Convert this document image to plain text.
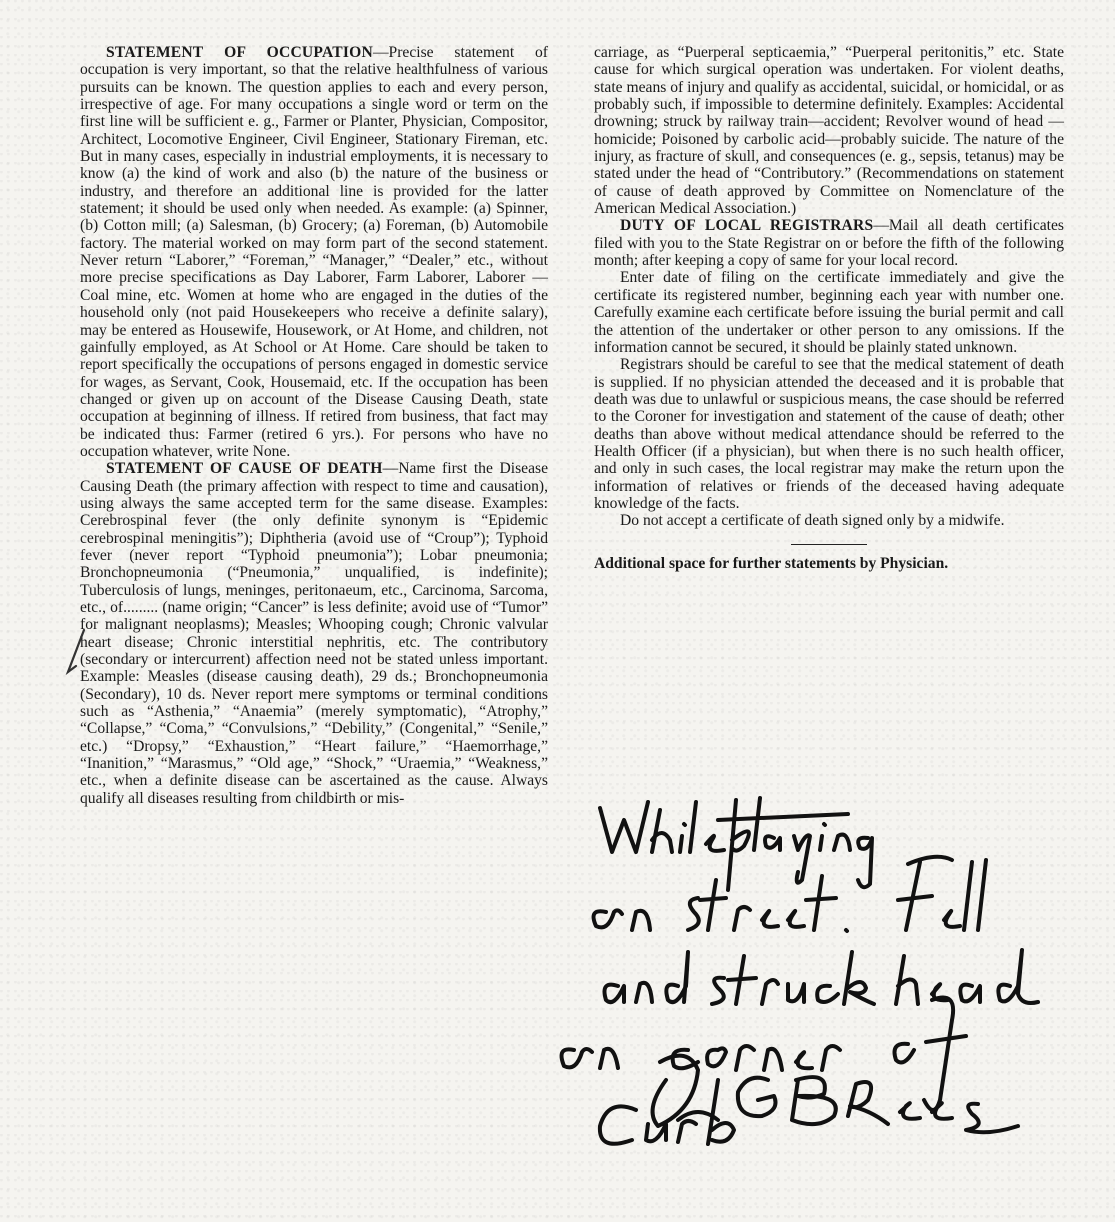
STATEMENT OF OCCUPATION—Precise statement of occupation is very important, so that the relative healthfulness of various pursuits can be known. The question applies to each and every person, irrespective of age. For many occupations a single word or term on the first line will be sufficient e. g., Farmer or Planter, Physician, Compositor, Architect, Locomotive Engineer, Civil Engineer, Stationary Fireman, etc. But in many cases, especially in industrial employments, it is necessary to know (a) the kind of work and also (b) the nature of the business or industry, and therefore an additional line is provided for the latter statement; it should be used only when needed. As example: (a) Spinner, (b) Cotton mill; (a) Salesman, (b) Grocery; (a) Foreman, (b) Automobile factory. The material worked on may form part of the second statement. Never return “Laborer,” “Foreman,” “Manager,” “Dealer,” etc., without more precise specifications as Day Laborer, Farm Laborer, Laborer — Coal mine, etc. Women at home who are engaged in the duties of the household only (not paid Housekeepers who receive a definite salary), may be entered as Housewife, Housework, or At Home, and children, not gainfully employed, as At School or At Home. Care should be taken to report specifically the occupations of persons engaged in domestic service for wages, as Servant, Cook, Housemaid, etc. If the occupation has been changed or given up on account of the Disease Causing Death, state occupation at beginning of illness. If retired from business, that fact may be indicated thus: Farmer (retired 6 yrs.). For persons who have no occupation whatever, write None.

STATEMENT OF CAUSE OF DEATH—Name first the Disease Causing Death (the primary affection with respect to time and causation), using always the same accepted term for the same disease. Examples: Cerebrospinal fever (the only definite synonym is “Epidemic cerebrospinal meningitis”); Diphtheria (avoid use of “Croup”); Typhoid fever (never report “Typhoid pneumonia”); Lobar pneumonia; Bronchopneumonia (“Pneumonia,” unqualified, is indefinite); Tuberculosis of lungs, meninges, peritonaeum, etc., Carcinoma, Sarcoma, etc., of......... (name origin; “Cancer” is less definite; avoid use of “Tumor” for malignant neoplasms); Measles; Whooping cough; Chronic valvular heart disease; Chronic interstitial nephritis, etc. The contributory (secondary or intercurrent) affection need not be stated unless important. Example: Measles (disease causing death), 29 ds.; Bronchopneumonia (Secondary), 10 ds. Never report mere symptoms or terminal conditions such as “Asthenia,” “Anaemia” (merely symptomatic), “Atrophy,” “Collapse,” “Coma,” “Convulsions,” “Debility,” (Congenital,” “Senile,” etc.) “Dropsy,” “Exhaustion,” “Heart failure,” “Haemorrhage,” “Inanition,” “Marasmus,” “Old age,” “Shock,” “Uraemia,” “Weakness,” etc., when a definite disease can be ascertained as the cause. Always qualify all diseases resulting from childbirth or mis-

carriage, as “Puerperal septicaemia,” “Puerperal peritonitis,” etc. State cause for which surgical operation was undertaken. For violent deaths, state means of injury and qualify as accidental, suicidal, or homicidal, or as probably such, if impossible to determine definitely. Examples: Accidental drowning; struck by railway train—accident; Revolver wound of head —homicide; Poisoned by carbolic acid—probably suicide. The nature of the injury, as fracture of skull, and consequences (e. g., sepsis, tetanus) may be stated under the head of “Contributory.” (Recommendations on statement of cause of death approved by Committee on Nomenclature of the American Medical Association.)

DUTY OF LOCAL REGISTRARS—Mail all death certificates filed with you to the State Registrar on or before the fifth of the following month; after keeping a copy of same for your local record.

Enter date of filing on the certificate immediately and give the certificate its registered number, beginning each year with number one. Carefully examine each certificate before issuing the burial permit and call the attention of the undertaker or other person to any omissions. If the information cannot be secured, it should be plainly stated unknown.

Registrars should be careful to see that the medical statement of death is supplied. If no physician attended the deceased and it is probable that death was due to unlawful or suspicious means, the case should be referred to the Coroner for investigation and statement of the cause of death; other deaths than above without medical attendance should be referred to the Health Officer (if a physician), but when there is no such health officer, and only in such cases, the local registrar may make the return upon the information of relatives or friends of the deceased having adequate knowledge of the facts.

Do not accept a certificate of death signed only by a midwife.

Additional space for further statements by Physician.
